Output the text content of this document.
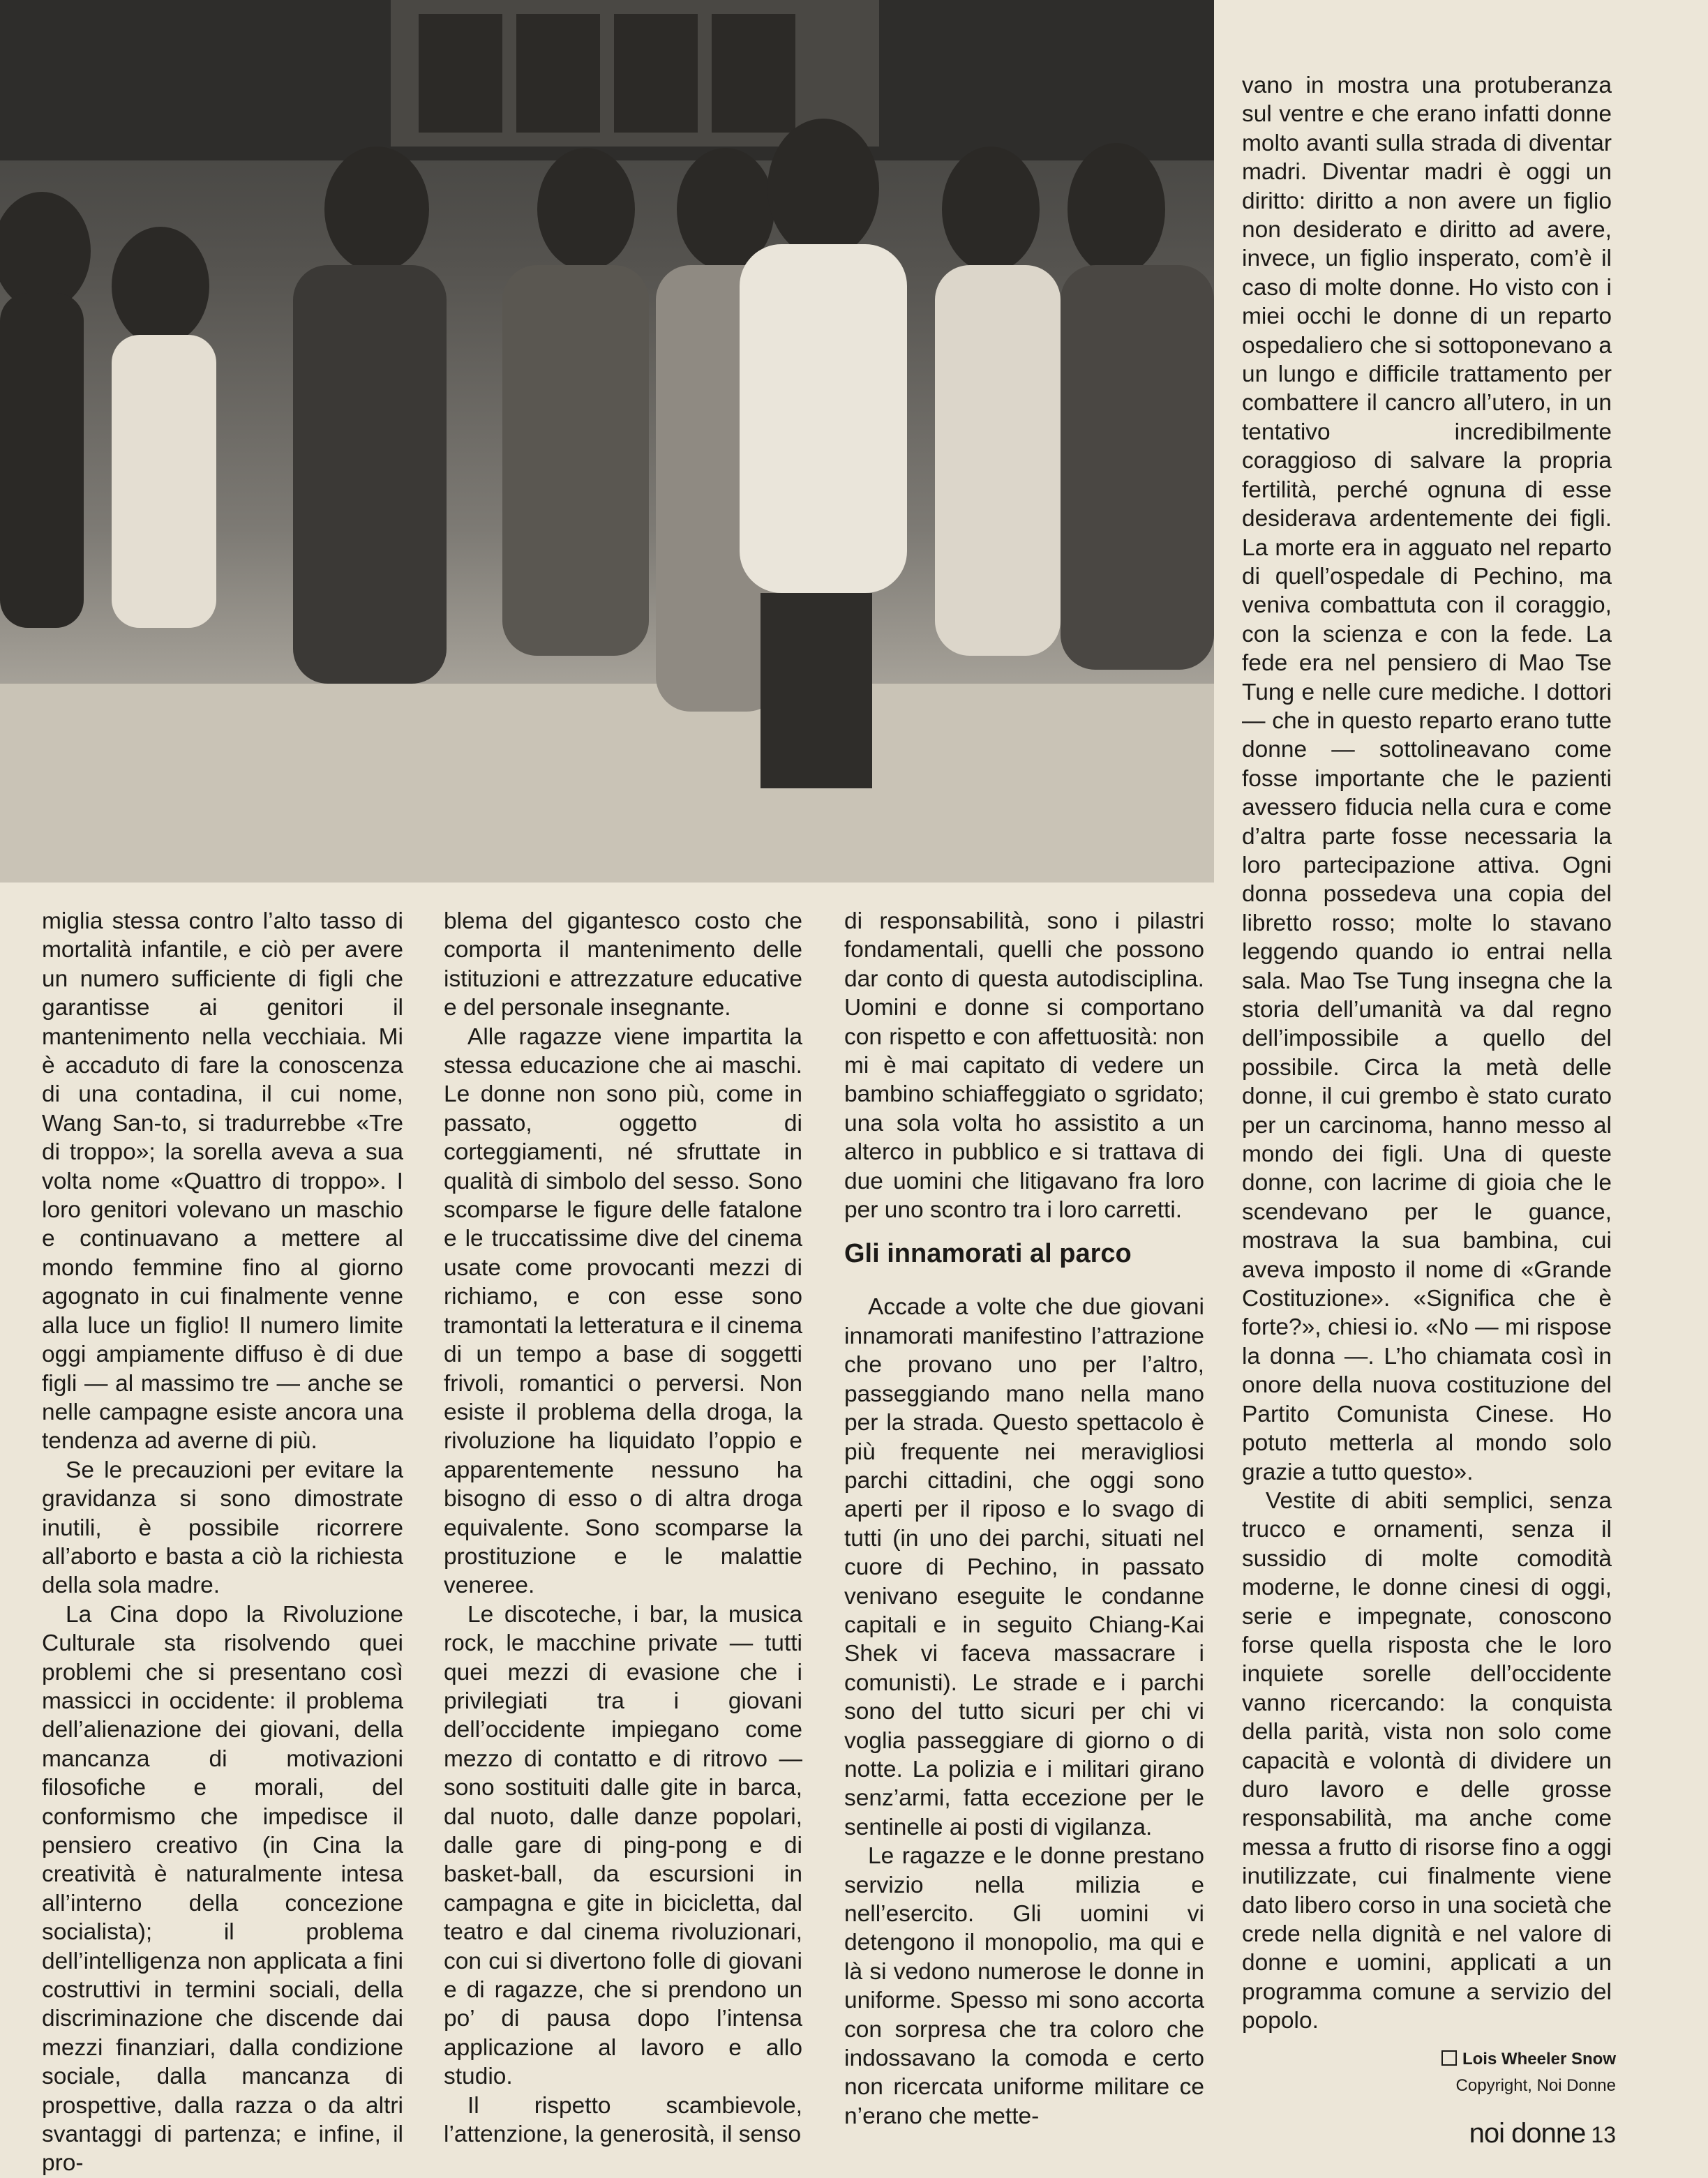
miglia stessa contro l’alto tasso di mortalità infantile, e ciò per avere un numero sufficiente di figli che garantisse ai genitori il mantenimento nella vecchiaia. Mi è accaduto di fare la conoscenza di una contadina, il cui nome, Wang San-to, si tradurrebbe «Tre di troppo»; la sorella aveva a sua volta nome «Quattro di troppo». I loro genitori volevano un maschio e continuavano a mettere al mondo femmine fino al giorno agognato in cui finalmente venne alla luce un figlio! Il numero limite oggi ampiamente diffuso è di due figli — al massimo tre — anche se nelle campagne esiste ancora una tendenza ad averne di più.

Se le precauzioni per evitare la gravidanza si sono dimostrate inutili, è possibile ricorrere all’aborto e basta a ciò la richiesta della sola madre.

La Cina dopo la Rivoluzione Culturale sta risolvendo quei problemi che si presentano così massicci in occidente: il problema dell’alienazione dei giovani, della mancanza di motivazioni filosofiche e morali, del conformismo che impedisce il pensiero creativo (in Cina la creatività è naturalmente intesa all’interno della concezione socialista); il problema dell’intelligenza non applicata a fini costruttivi in termini sociali, della discriminazione che discende dai mezzi finanziari, dalla condizione sociale, dalla mancanza di prospettive, dalla razza o da altri svantaggi di partenza; e infine, il pro-

blema del gigantesco costo che comporta il mantenimento delle istituzioni e attrezzature educative e del personale insegnante.

Alle ragazze viene impartita la stessa educazione che ai maschi. Le donne non sono più, come in passato, oggetto di corteggiamenti, né sfruttate in qualità di simbolo del sesso. Sono scomparse le figure delle fatalone e le truccatissime dive del cinema usate come provocanti mezzi di richiamo, e con esse sono tramontati la letteratura e il cinema di un tempo a base di soggetti frivoli, romantici o perversi. Non esiste il problema della droga, la rivoluzione ha liquidato l’oppio e apparentemente nessuno ha bisogno di esso o di altra droga equivalente. Sono scomparse la prostituzione e le malattie veneree.

Le discoteche, i bar, la musica rock, le macchine private — tutti quei mezzi di evasione che i privilegiati tra i giovani dell’occidente impiegano come mezzo di contatto e di ritrovo — sono sostituiti dalle gite in barca, dal nuoto, dalle danze popolari, dalle gare di ping-pong e di basket-ball, da escursioni in campagna e gite in bicicletta, dal teatro e dal cinema rivoluzionari, con cui si divertono folle di giovani e di ragazze, che si prendono un po’ di pausa dopo l’intensa applicazione al lavoro e allo studio.

Il rispetto scambievole, l’attenzione, la generosità, il senso

di responsabilità, sono i pilastri fondamentali, quelli che possono dar conto di questa autodisciplina. Uomini e donne si comportano con rispetto e con affettuosità: non mi è mai capitato di vedere un bambino schiaffeggiato o sgridato; una sola volta ho assistito a un alterco in pubblico e si trattava di due uomini che litigavano fra loro per uno scontro tra i loro carretti.

Gli innamorati al parco

Accade a volte che due giovani innamorati manifestino l’attrazione che provano uno per l’altro, passeggiando mano nella mano per la strada. Questo spettacolo è più frequente nei meravigliosi parchi cittadini, che oggi sono aperti per il riposo e lo svago di tutti (in uno dei parchi, situati nel cuore di Pechino, in passato venivano eseguite le condanne capitali e in seguito Chiang-Kai Shek vi faceva massacrare i comunisti). Le strade e i parchi sono del tutto sicuri per chi vi voglia passeggiare di giorno o di notte. La polizia e i militari girano senz’armi, fatta eccezione per le sentinelle ai posti di vigilanza.

Le ragazze e le donne prestano servizio nella milizia e nell’esercito. Gli uomini vi detengono il monopolio, ma qui e là si vedono numerose le donne in uniforme. Spesso mi sono accorta con sorpresa che tra coloro che indossavano la comoda e certo non ricercata uniforme militare ce n’erano che mette-

vano in mostra una protuberanza sul ventre e che erano infatti donne molto avanti sulla strada di diventar madri. Diventar madri è oggi un diritto: diritto a non avere un figlio non desiderato e diritto ad avere, invece, un figlio insperato, com’è il caso di molte donne. Ho visto con i miei occhi le donne di un reparto ospedaliero che si sottoponevano a un lungo e difficile trattamento per combattere il cancro all’utero, in un tentativo incredibilmente coraggioso di salvare la propria fertilità, perché ognuna di esse desiderava ardentemente dei figli. La morte era in agguato nel reparto di quell’ospedale di Pechino, ma veniva combattuta con il coraggio, con la scienza e con la fede. La fede era nel pensiero di Mao Tse Tung e nelle cure mediche. I dottori — che in questo reparto erano tutte donne — sottolineavano come fosse importante che le pazienti avessero fiducia nella cura e come d’altra parte fosse necessaria la loro partecipazione attiva. Ogni donna possedeva una copia del libretto rosso; molte lo stavano leggendo quando io entrai nella sala. Mao Tse Tung insegna che la storia dell’umanità va dal regno dell’impossibile a quello del possibile. Circa la metà delle donne, il cui grembo è stato curato per un carcinoma, hanno messo al mondo dei figli. Una di queste donne, con lacrime di gioia che le scendevano per le guance, mostrava la sua bambina, cui aveva imposto il nome di «Grande Costituzione». «Significa che è forte?», chiesi io. «No — mi rispose la donna —. L’ho chiamata così in onore della nuova costituzione del Partito Comunista Cinese. Ho potuto metterla al mondo solo grazie a tutto questo».

Vestite di abiti semplici, senza trucco e ornamenti, senza il sussidio di molte comodità moderne, le donne cinesi di oggi, serie e impegnate, conoscono forse quella risposta che le loro inquiete sorelle dell’occidente vanno ricercando: la conquista della parità, vista non solo come capacità e volontà di dividere un duro lavoro e delle grosse responsabilità, ma anche come messa a frutto di risorse fino a oggi inutilizzate, cui finalmente viene dato libero corso in una società che crede nella dignità e nel valore di donne e uomini, applicati a un programma comune a servizio del popolo.

Lois Wheeler Snow
Copyright, Noi Donne
noi donne 13
